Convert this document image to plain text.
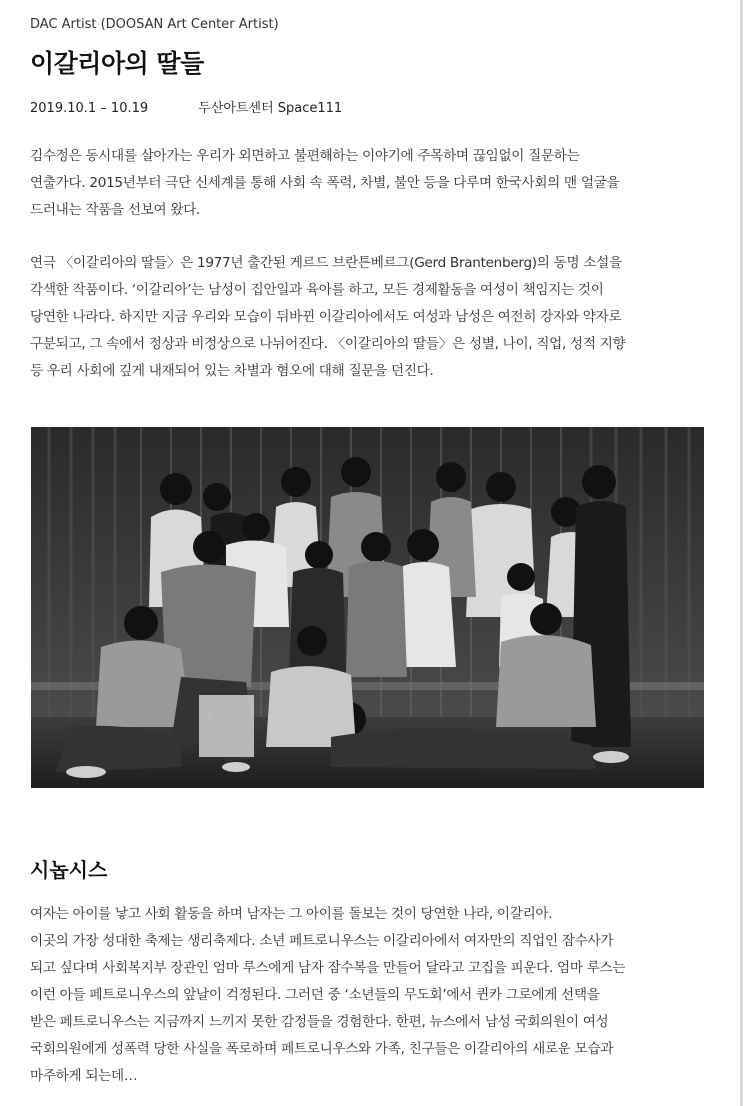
DAC Artist (DOOSAN Art Center Artist)
이갈리아의 딸들
2019.10.1 – 10.19	두산아트센터 Space111
김수정은 동시대를 살아가는 우리가 외면하고 불편해하는 이야기에 주목하며 끊임없이 질문하는
연출가다. 2015년부터 극단 신세계를 통해 사회 속 폭력, 차별, 불안 등을 다루며 한국사회의 맨 얼굴을
드러내는 작품을 선보여 왔다.
연극 〈이갈리아의 딸들〉은 1977년 출간된 게르드 브란튼베르그(Gerd Brantenberg)의 동명 소설을
각색한 작품이다. ‘이갈리아’는 남성이 집안일과 육아를 하고, 모든 경제활동을 여성이 책임지는 것이
당연한 나라다. 하지만 지금 우리와 모습이 뒤바뀐 이갈리아에서도 여성과 남성은 여전히 강자와 약자로
구분되고, 그 속에서 정상과 비정상으로 나뉘어진다. 〈이갈리아의 딸들〉은 성별, 나이, 직업, 성적 지향
등 우리 사회에 깊게 내재되어 있는 차별과 혐오에 대해 질문을 던진다.
시놉시스
여자는 아이를 낳고 사회 활동을 하며 남자는 그 아이를 돌보는 것이 당연한 나라, 이갈리아.
이곳의 가장 성대한 축제는 생리축제다. 소년 페트로니우스는 이갈리아에서 여자만의 직업인 잠수사가
되고 싶다며 사회복지부 장관인 엄마 루스에게 남자 잠수복을 만들어 달라고 고집을 피운다. 엄마 루스는
이런 아들 페트로니우스의 앞날이 걱정된다. 그러던 중 ‘소년들의 무도회’에서 퀸카 그로에게 선택을
받은 페트로니우스는 지금까지 느끼지 못한 감정들을 경험한다. 한편, 뉴스에서 남성 국회의원이 여성
국회의원에게 성폭력 당한 사실을 폭로하며 페트로니우스와 가족, 친구들은 이갈리아의 새로운 모습과
마주하게 되는데…
